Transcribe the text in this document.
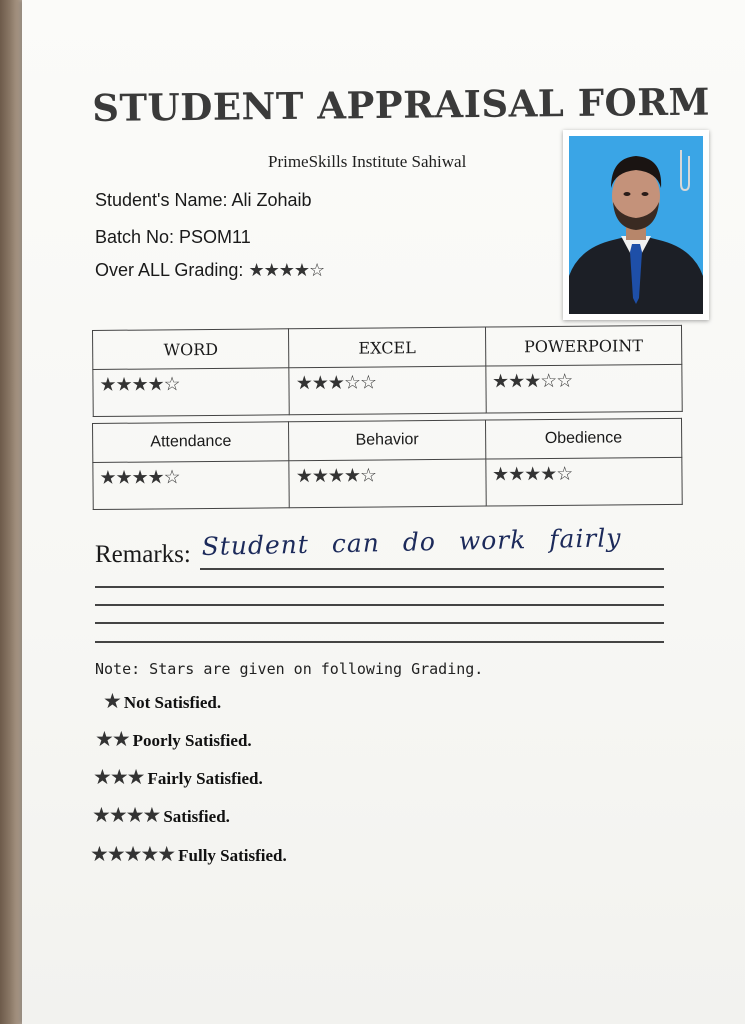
STUDENT APPRAISAL FORM
PrimeSkills Institute Sahiwal
Student's Name: Ali Zohaib
Batch No: PSOM11
Over ALL Grading: ★★★★☆
WORD	EXCEL	POWERPOINT
★★★★☆	★★★☆☆	★★★☆☆
Attendance	Behavior	Obedience
★★★★☆	★★★★☆	★★★★☆
Remarks: Student can do work fairly
Note: Stars are given on following Grading.
★ Not Satisfied.
★★ Poorly Satisfied.
★★★ Fairly Satisfied.
★★★★ Satisfied.
★★★★★ Fully Satisfied.
